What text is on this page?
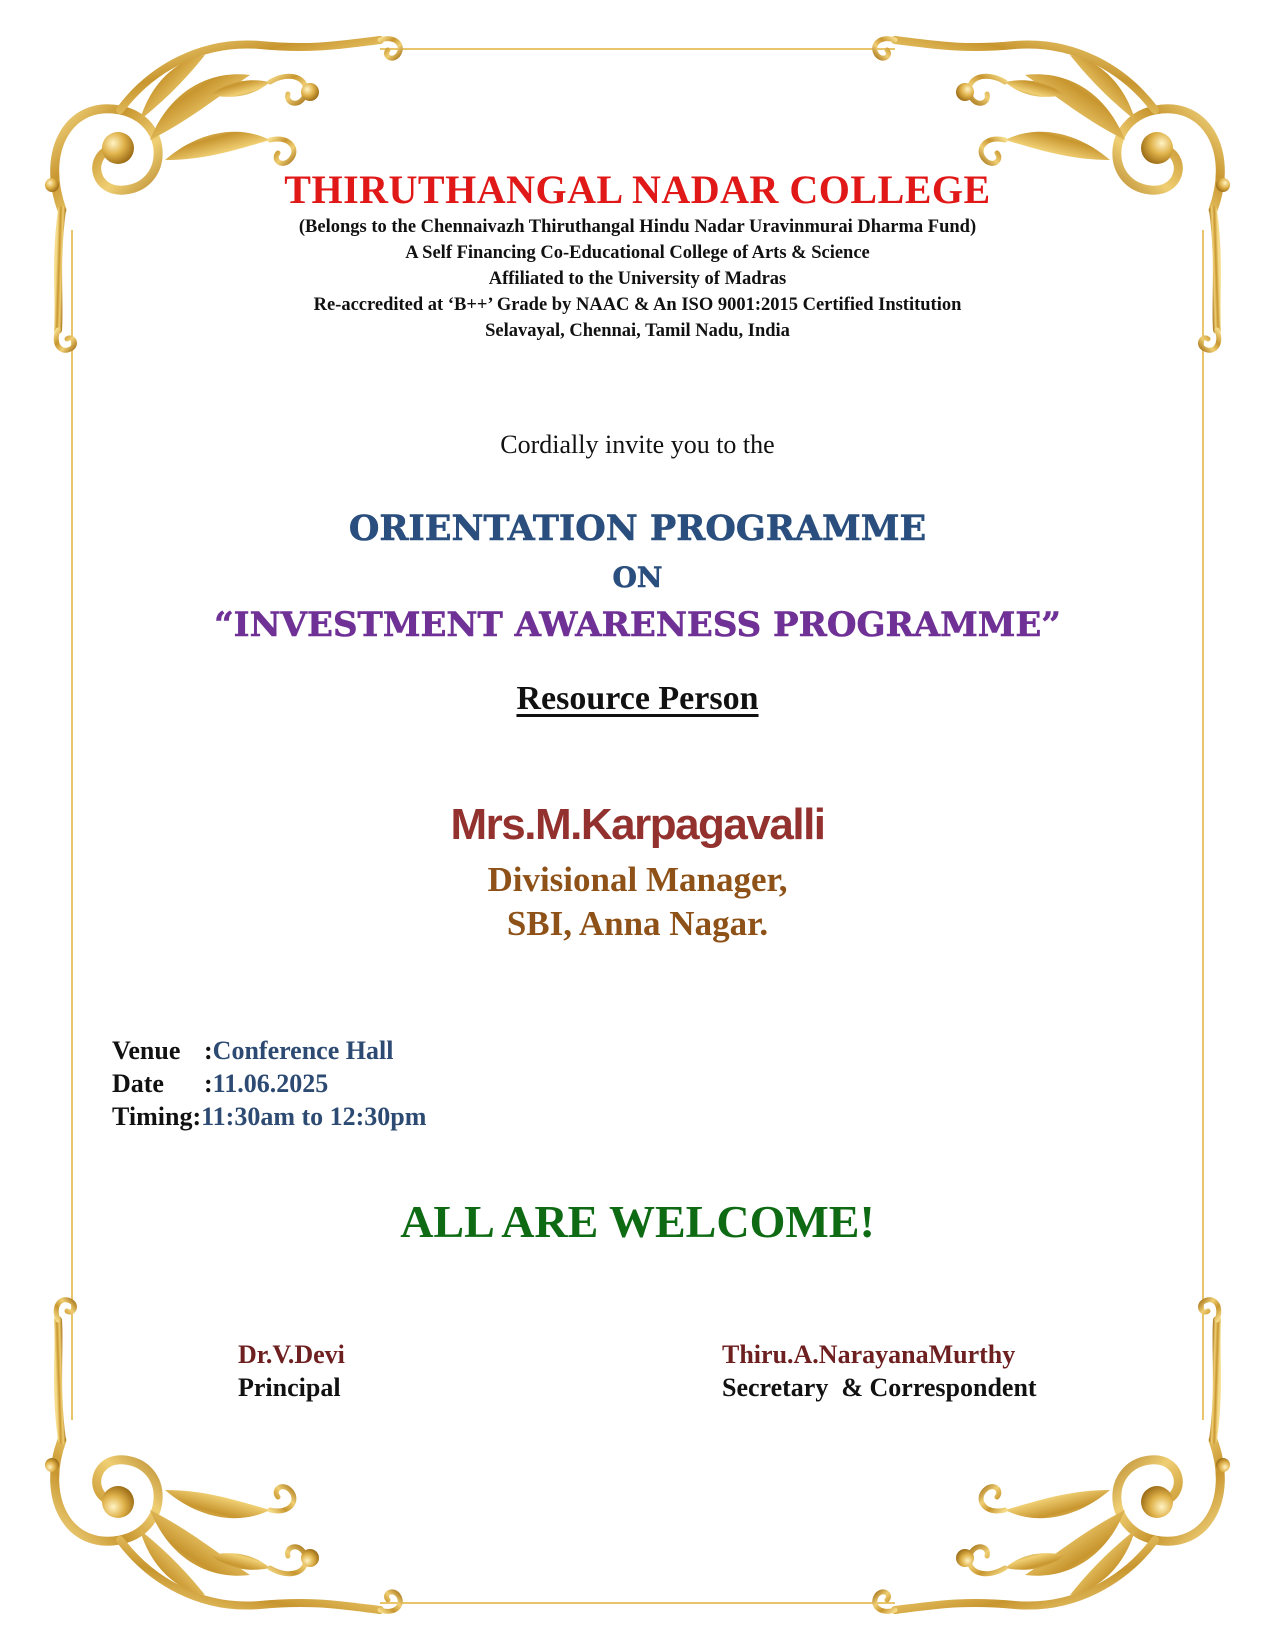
THIRUTHANGAL NADAR COLLEGE
(Belongs to the Chennaivazh Thiruthangal Hindu Nadar Uravinmurai Dharma Fund)
A Self Financing Co-Educational College of Arts & Science
Affiliated to the University of Madras
Re-accredited at ‘B++’ Grade by NAAC & An ISO 9001:2015 Certified Institution
Selavayal, Chennai, Tamil Nadu, India
Cordially invite you to the
ORIENTATION PROGRAMME
ON
“INVESTMENT AWARENESS PROGRAMME”
Resource Person
Mrs.M.Karpagavalli
Divisional Manager,
SBI, Anna Nagar.
Venue:Conference Hall
Date:11.06.2025
Timing:11:30am to 12:30pm
ALL ARE WELCOME!
Dr.V.Devi
Principal
Thiru.A.NarayanaMurthy
Secretary  & Correspondent
